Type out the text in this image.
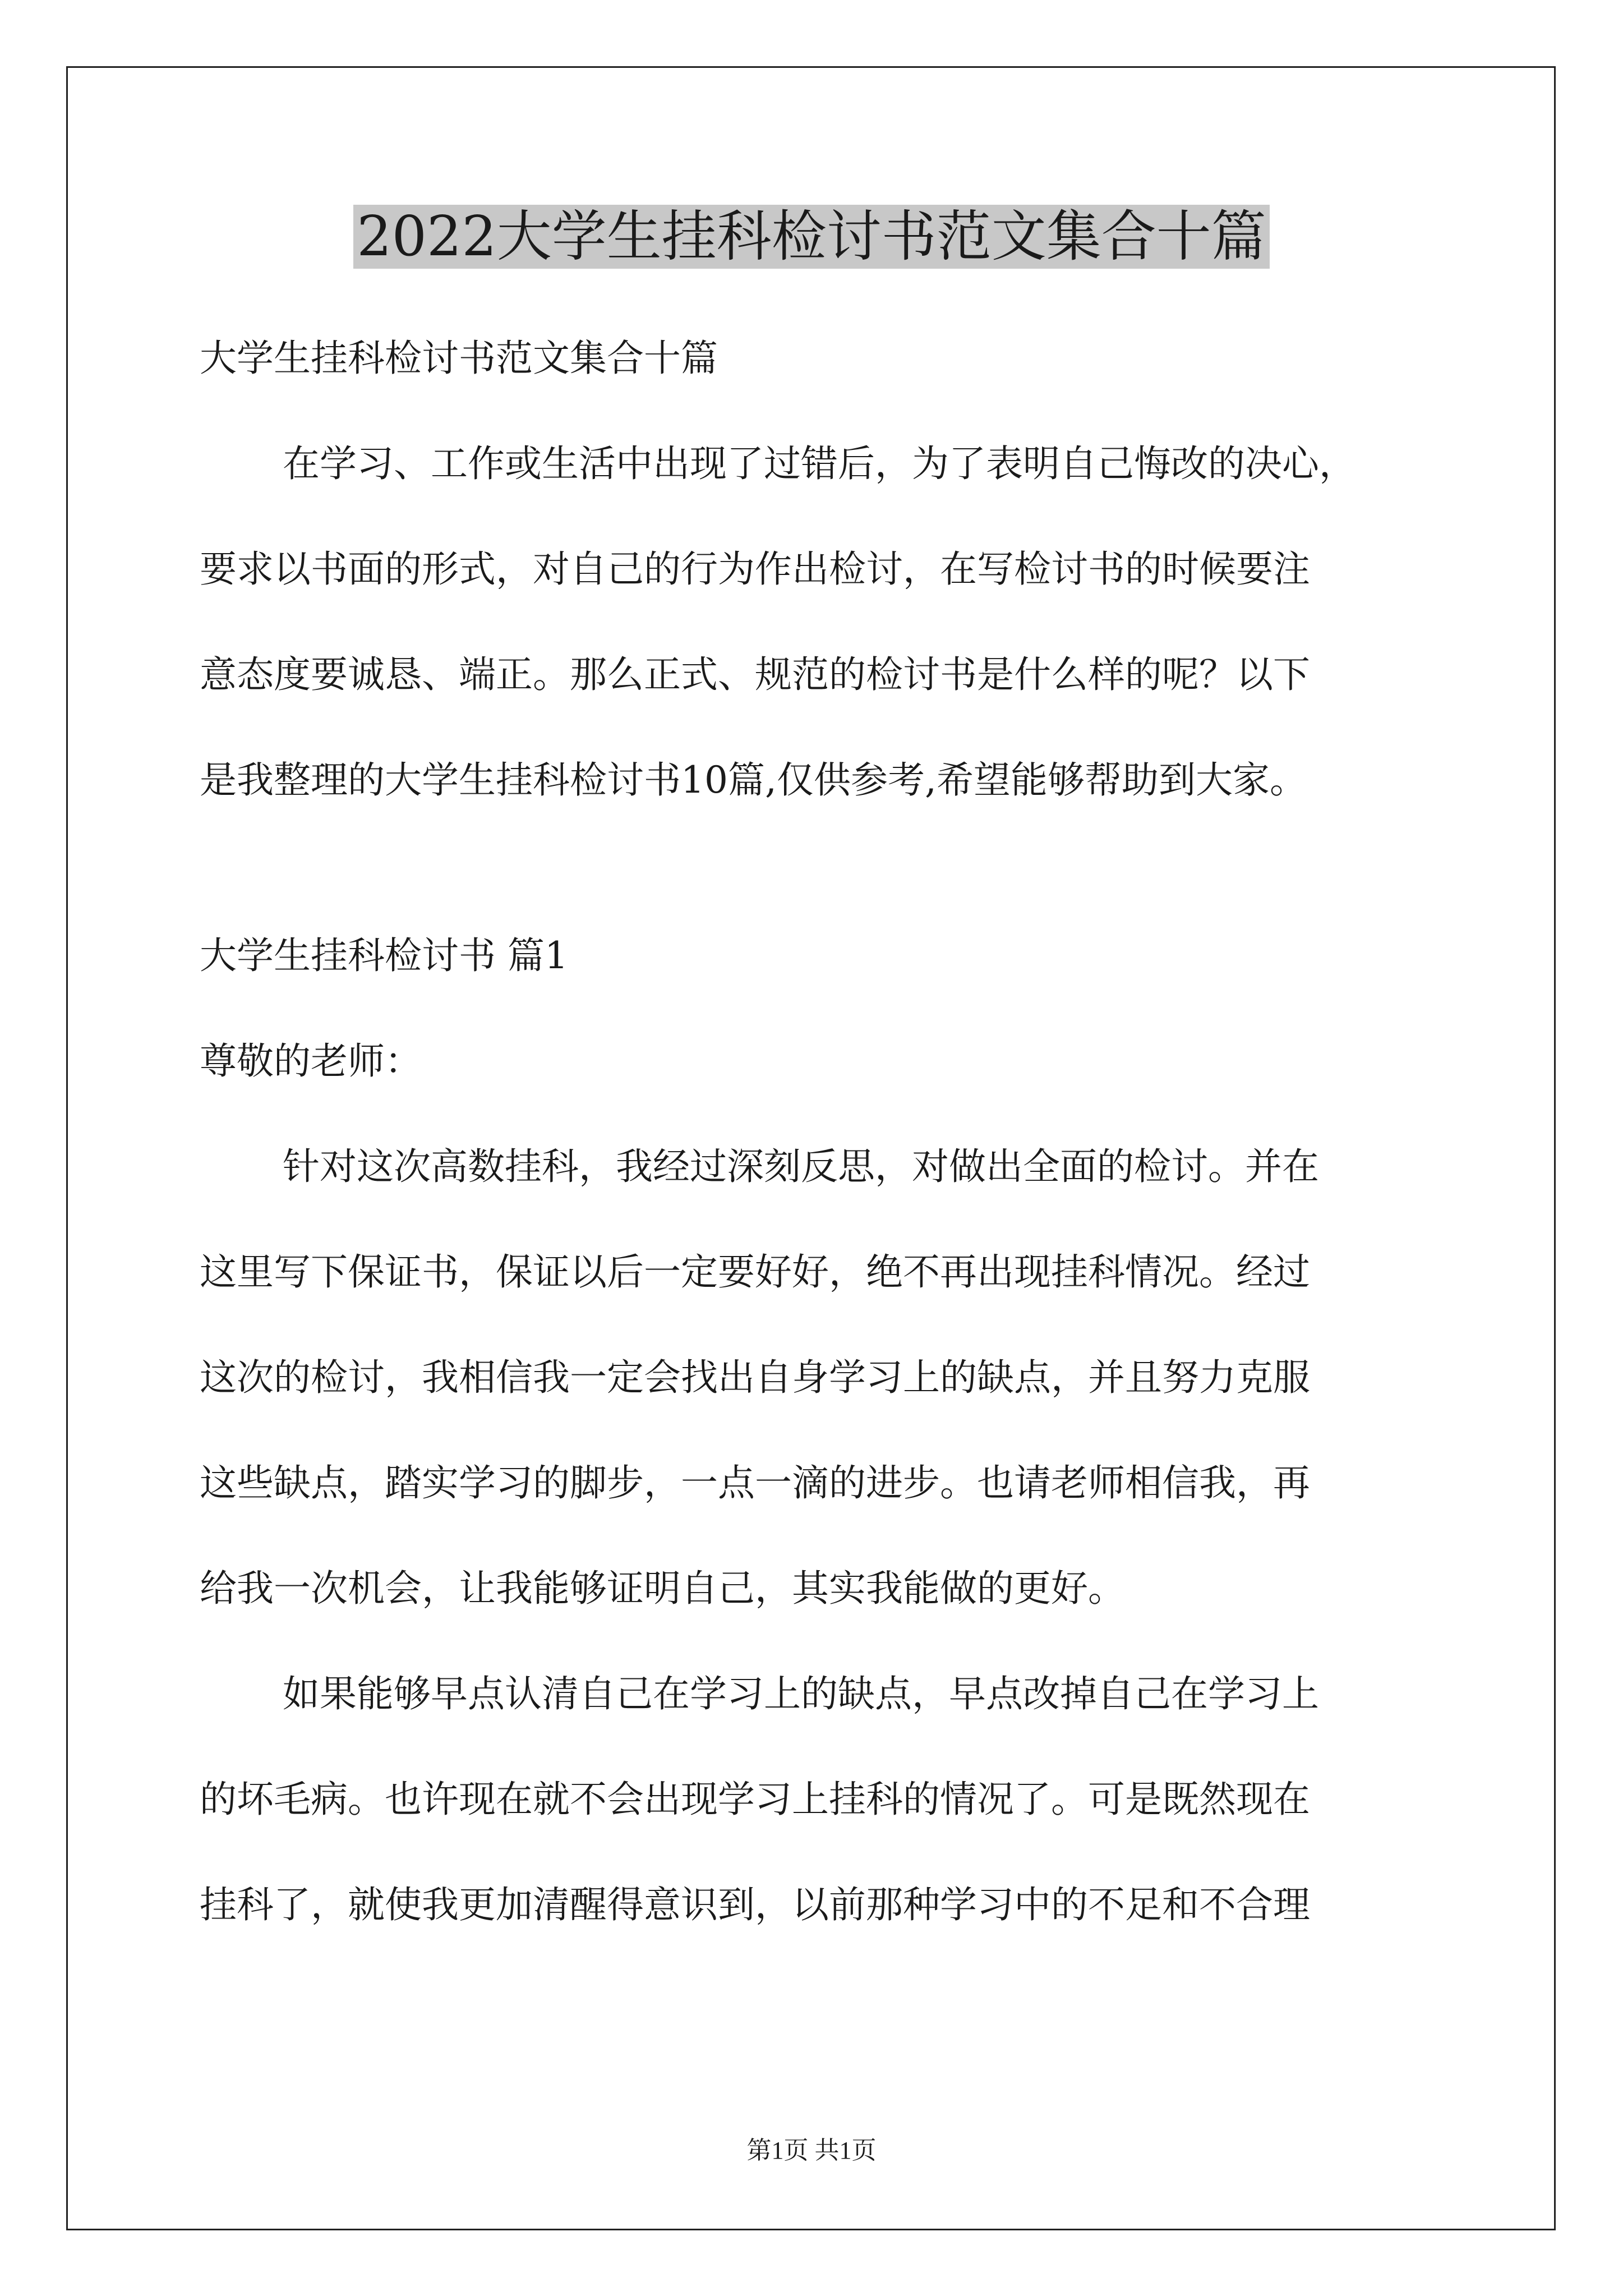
2022大学生挂科检讨书范文集合十篇

大学生挂科检讨书范文集合十篇

在学习、工作或生活中出现了过错后，为了表明自己悔改的决心，

要求以书面的形式，对自己的行为作出检讨，在写检讨书的时候要注

意态度要诚恳、端正。那么正式、规范的检讨书是什么样的呢？以下

是我整理的大学生挂科检讨书10篇,仅供参考,希望能够帮助到大家。

大学生挂科检讨书 篇1

尊敬的老师：

针对这次高数挂科，我经过深刻反思，对做出全面的检讨。并在

这里写下保证书，保证以后一定要好好，绝不再出现挂科情况。经过

这次的检讨，我相信我一定会找出自身学习上的缺点，并且努力克服

这些缺点，踏实学习的脚步，一点一滴的进步。也请老师相信我，再

给我一次机会，让我能够证明自己，其实我能做的更好。

如果能够早点认清自己在学习上的缺点，早点改掉自己在学习上

的坏毛病。也许现在就不会出现学习上挂科的情况了。可是既然现在

挂科了，就使我更加清醒得意识到，以前那种学习中的不足和不合理

第1页 共1页
